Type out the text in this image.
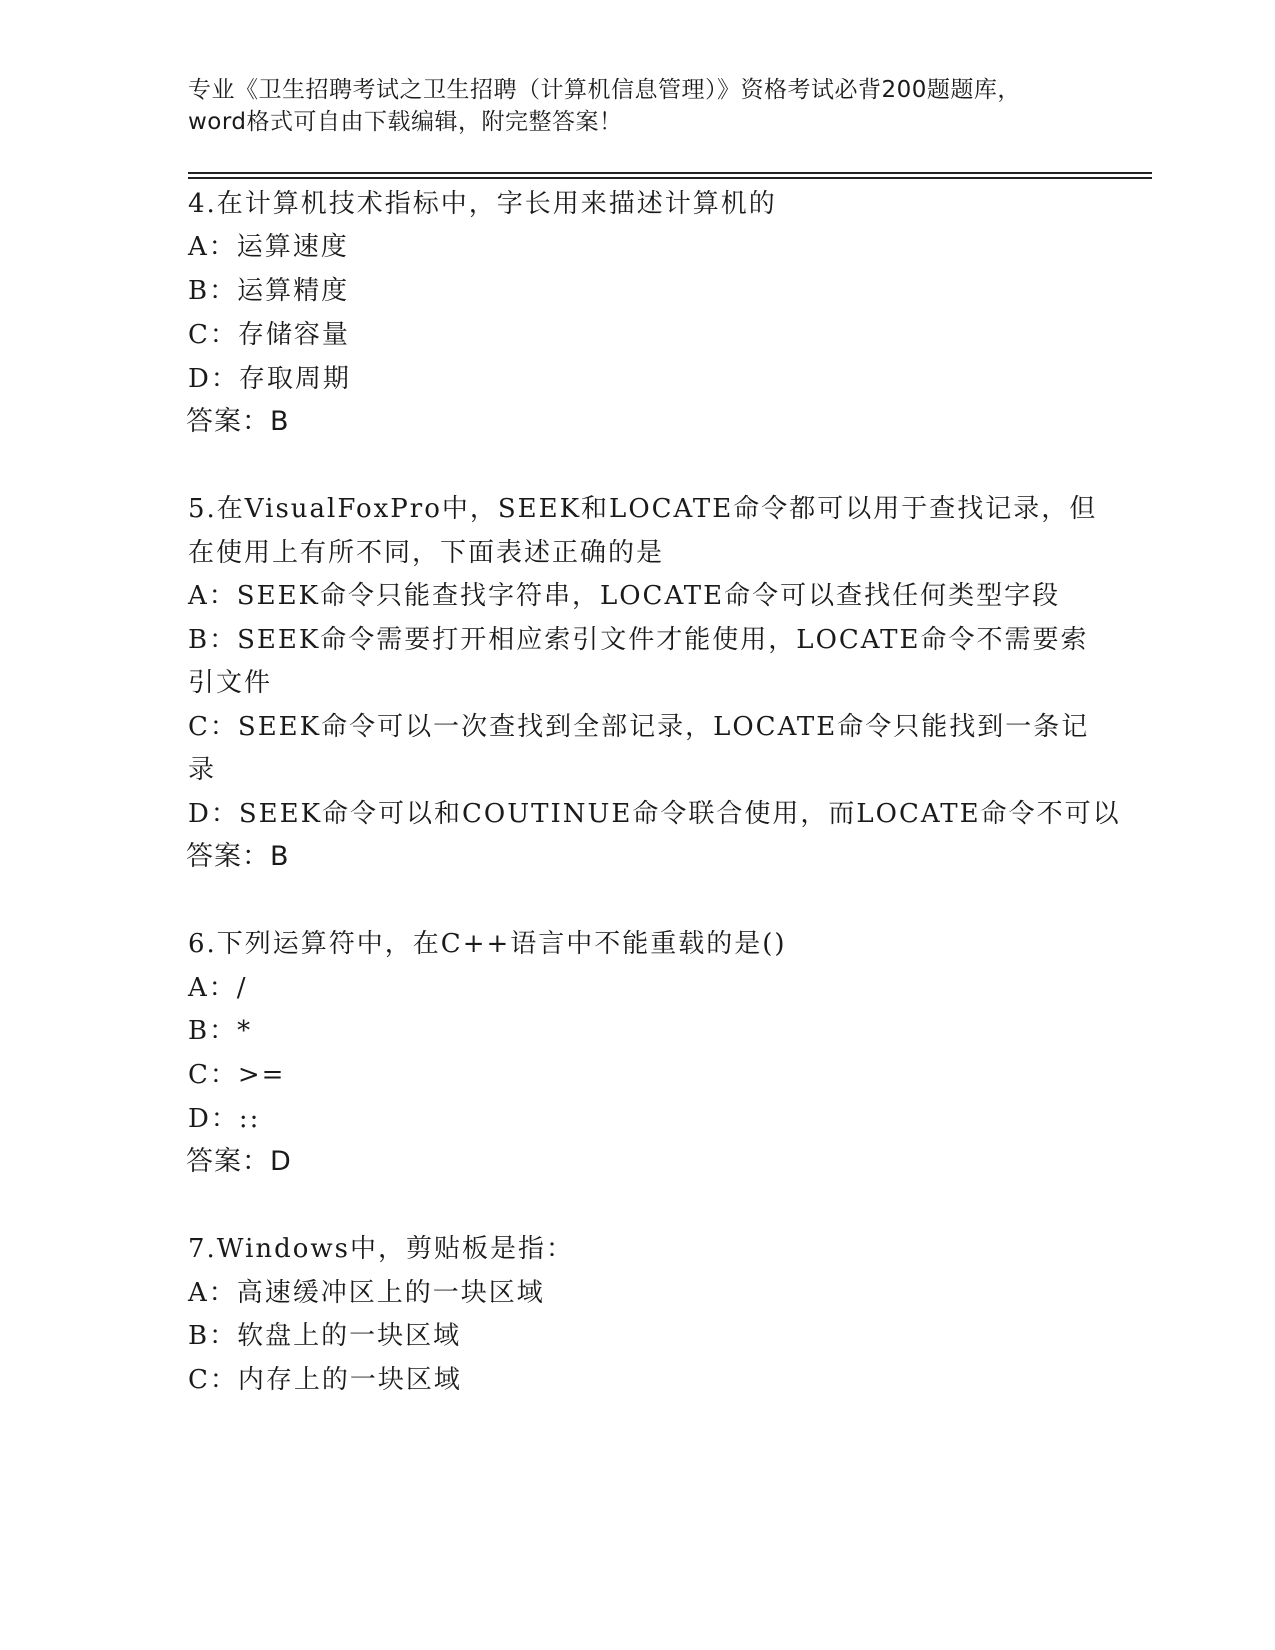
专业《卫生招聘考试之卫生招聘（计算机信息管理）》资格考试必背200题题库，
word格式可自由下载编辑，附完整答案！
4.在计算机技术指标中，字长用来描述计算机的
A：运算速度
B：运算精度
C：存储容量
D：存取周期
答案：B
5.在VisualFoxPro中，SEEK和LOCATE命令都可以用于查找记录，但
在使用上有所不同，下面表述正确的是
A：SEEK命令只能查找字符串，LOCATE命令可以查找任何类型字段
B：SEEK命令需要打开相应索引文件才能使用，LOCATE命令不需要索
引文件
C：SEEK命令可以一次查找到全部记录，LOCATE命令只能找到一条记
录
D：SEEK命令可以和COUTINUE命令联合使用，而LOCATE命令不可以
答案：B
6.下列运算符中，在C++语言中不能重载的是()
A：/
B：*
C：>=
D：::
答案：D
7.Windows中，剪贴板是指：
A：高速缓冲区上的一块区域
B：软盘上的一块区域
C：内存上的一块区域
